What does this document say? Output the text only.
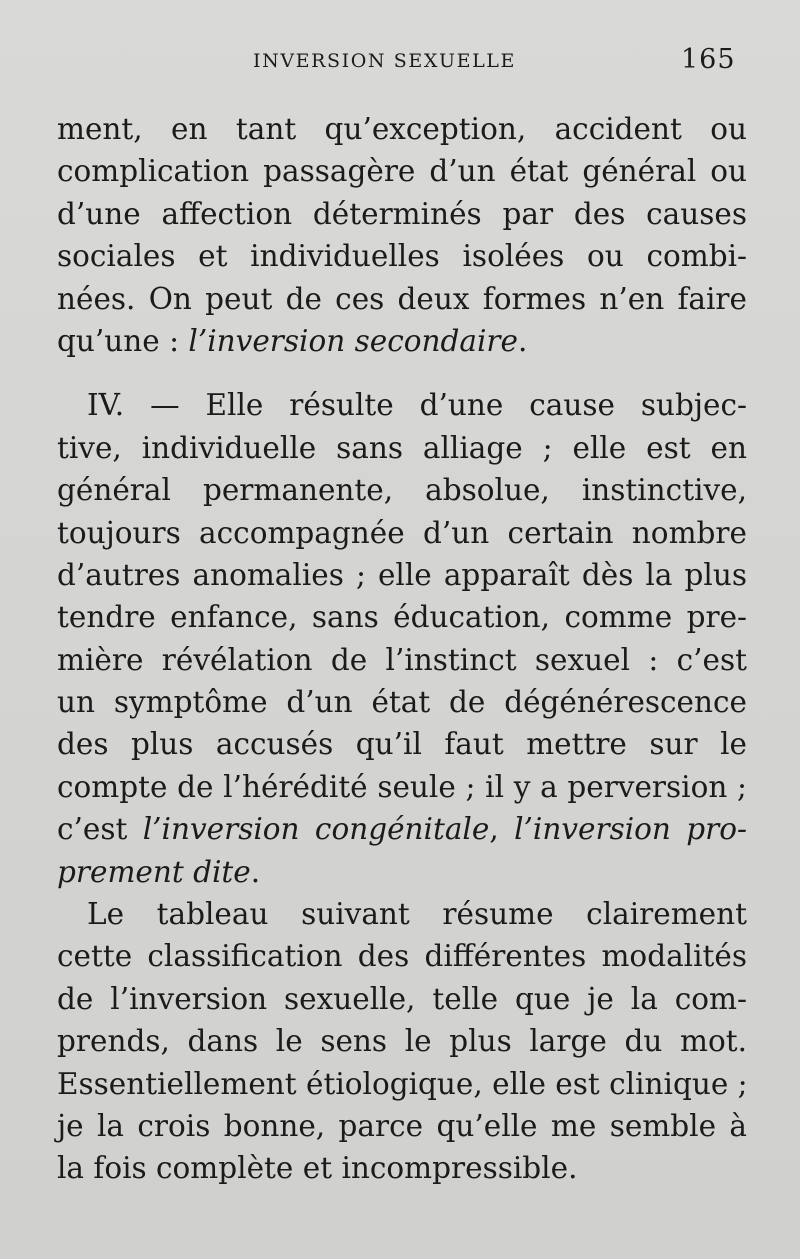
INVERSION SEXUELLE	165
ment, en tant qu’exception, accident ou
complication passagère d’un état général ou
d’une affection déterminés par des causes
sociales et individuelles isolées ou combi-
nées. On peut de ces deux formes n’en faire
qu’une : l’inversion secondaire.
IV. — Elle résulte d’une cause subjec-
tive, individuelle sans alliage ; elle est en
général permanente, absolue, instinctive,
toujours accompagnée d’un certain nombre
d’autres anomalies ; elle apparaît dès la plus
tendre enfance, sans éducation, comme pre-
mière révélation de l’instinct sexuel : c’est
un symptôme d’un état de dégénérescence
des plus accusés qu’il faut mettre sur le
compte de l’hérédité seule ; il y a perversion ;
c’est l’inversion congénitale, l’inversion pro-
prement dite.
Le tableau suivant résume clairement
cette classification des différentes modalités
de l’inversion sexuelle, telle que je la com-
prends, dans le sens le plus large du mot.
Essentiellement étiologique, elle est clinique ;
je la crois bonne, parce qu’elle me semble à
la fois complète et incompressible.
